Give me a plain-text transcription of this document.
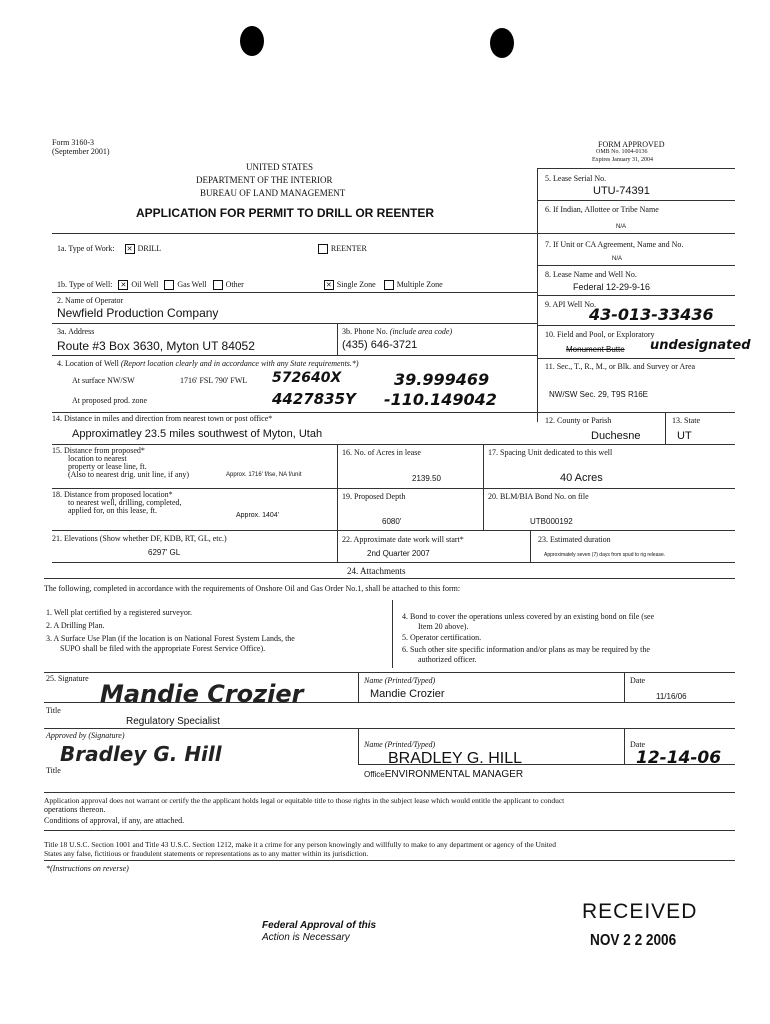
Form 3160-3
(September 2001)
FORM APPROVED
OMB No. 1004-0136
Expires January 31, 2004
UNITED STATES
DEPARTMENT OF THE INTERIOR
BUREAU OF LAND MANAGEMENT
APPLICATION FOR PERMIT TO DRILL OR REENTER
5. Lease Serial No.
UTU-74391
6. If Indian, Allottee or Tribe Name
N/A
7. If Unit or CA Agreement, Name and No.
N/A
8. Lease Name and Well No.
Federal 12-29-9-16
9. API Well No.
43-013-33436
10. Field and Pool, or Exploratory
Monument Butte undesignated
11. Sec., T., R., M., or Blk. and Survey or Area
NW/SW Sec. 29, T9S R16E
12. County or Parish
Duchesne
13. State
UT
1a. Type of Work: ✕ DRILL	REENTER
1b. Type of Well: ✕ Oil Well Gas Well Other	✕ Single Zone	Multiple Zone
2. Name of Operator
Newfield Production Company
3a. Address
Route #3 Box 3630, Myton UT 84052
3b. Phone No. (include area code)
(435) 646-3721
4. Location of Well (Report location clearly and in accordance with any State requirements.*)
At surface NW/SW	1716' FSL 790' FWL 572640X	39.999469
At proposed prod. zone	4427835Y -110.149042
14. Distance in miles and direction from nearest town or post office*
Approximatley 23.5 miles southwest of Myton, Utah
15. Distance from proposed*
location to nearest
property or lease line, ft.
(Also to nearest drig. unit line, if any)	Approx. 1716' f/lse, NA f/unit
16. No. of Acres in lease
2139.50
17. Spacing Unit dedicated to this well
40 Acres
18. Distance from proposed location*
to nearest well, drilling, completed,
applied for, on this lease, ft.
Approx. 1404'
19. Proposed Depth
6080'
20. BLM/BIA Bond No. on file
UTB000192
21. Elevations (Show whether DF, KDB, RT, GL, etc.)
6297' GL
22. Approximate date work will start*
2nd Quarter 2007
23. Estimated duration
Approximately seven (7) days from spud to rig release.
24. Attachments
The following, completed in accordance with the requirements of Onshore Oil and Gas Order No.1, shall be attached to this form:
1. Well plat certified by a registered surveyor.
2. A Drilling Plan.
3. A Surface Use Plan (if the location is on National Forest System Lands, the
SUPO shall be filed with the appropriate Forest Service Office).
4. Bond to cover the operations unless covered by an existing bond on file (see
Item 20 above).
5. Operator certification.
6. Such other site specific information and/or plans as may be required by the
authorized officer.
25. Signature
Mandie Crozier	Name (Printed/Typed)
Mandie Crozier
Date
11/16/06
Title
Regulatory Specialist
Approved by (Signature)
Bradley G. Hill	Name (Printed/Typed)
BRADLEY G. HILL
Date
12-14-06
Title	OfficeENVIRONMENTAL MANAGER
Application approval does not warrant or certify the the applicant holds legal or equitable title to those rights in the subject lease which would entitle the applicant to conduct
operations thereon.
Conditions of approval, if any, are attached.
Title 18 U.S.C. Section 1001 and Title 43 U.S.C. Section 1212, make it a crime for any person knowingly and willfully to make to any department or agency of the United
States any false, fictitious or fraudulent statements or representations as to any matter within its jurisdiction.
*(Instructions on reverse)
Federal Approval of this
Action is Necessary
RECEIVED
NOV 2 2 2006
